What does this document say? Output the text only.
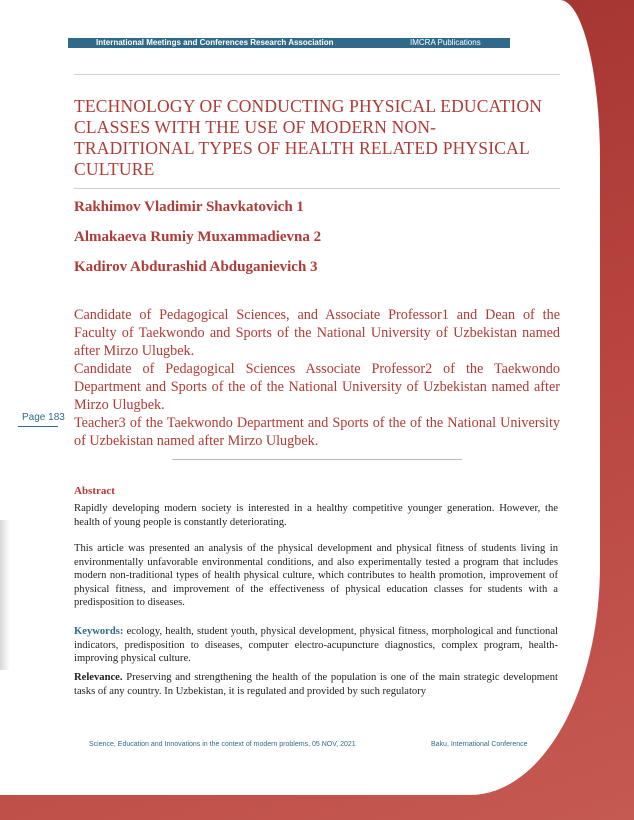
International Meetings and Conferences Research Association	IMCRA Publications
TECHNOLOGY OF CONDUCTING PHYSICAL EDUCATION CLASSES WITH THE USE OF MODERN NON-TRADITIONAL TYPES OF HEALTH RELATED PHYSICAL CULTURE

Rakhimov Vladimir Shavkatovich 1

Almakaeva Rumiy Muxammadievna 2

Kadirov Abdurashid Abduganievich 3

Candidate of Pedagogical Sciences, and Associate Professor1 and Dean of the Faculty of Taekwondo and Sports of the National University of Uzbekistan named after Mirzo Ulugbek.

Candidate of Pedagogical Sciences Associate Professor2 of the Taekwondo Department and Sports of the of the National University of Uzbekistan named after Mirzo Ulugbek.

Teacher3 of the Taekwondo Department and Sports of the of the National University of Uzbekistan named after Mirzo Ulugbek.

Page 183
Abstract

Rapidly developing modern society is interested in a healthy competitive younger generation. However, the health of young people is constantly deteriorating.

This article was presented an analysis of the physical development and physical fitness of students living in environmentally unfavorable environmental conditions, and also experimentally tested a program that includes modern non-traditional types of health physical culture, which contributes to health promotion, improvement of physical fitness, and improvement of the effectiveness of physical education classes for students with a predisposition to diseases.

Keywords: ecology, health, student youth, physical development, physical fitness, morphological and functional indicators, predisposition to diseases, computer electro-acupuncture diagnostics, complex program, health-improving physical culture.

Relevance. Preserving and strengthening the health of the population is one of the main strategic development tasks of any country. In Uzbekistan, it is regulated and provided by such regulatory

Science, Education and Innovations in the context of modern problems, 05 NOV, 2021	Baku, International Conference
